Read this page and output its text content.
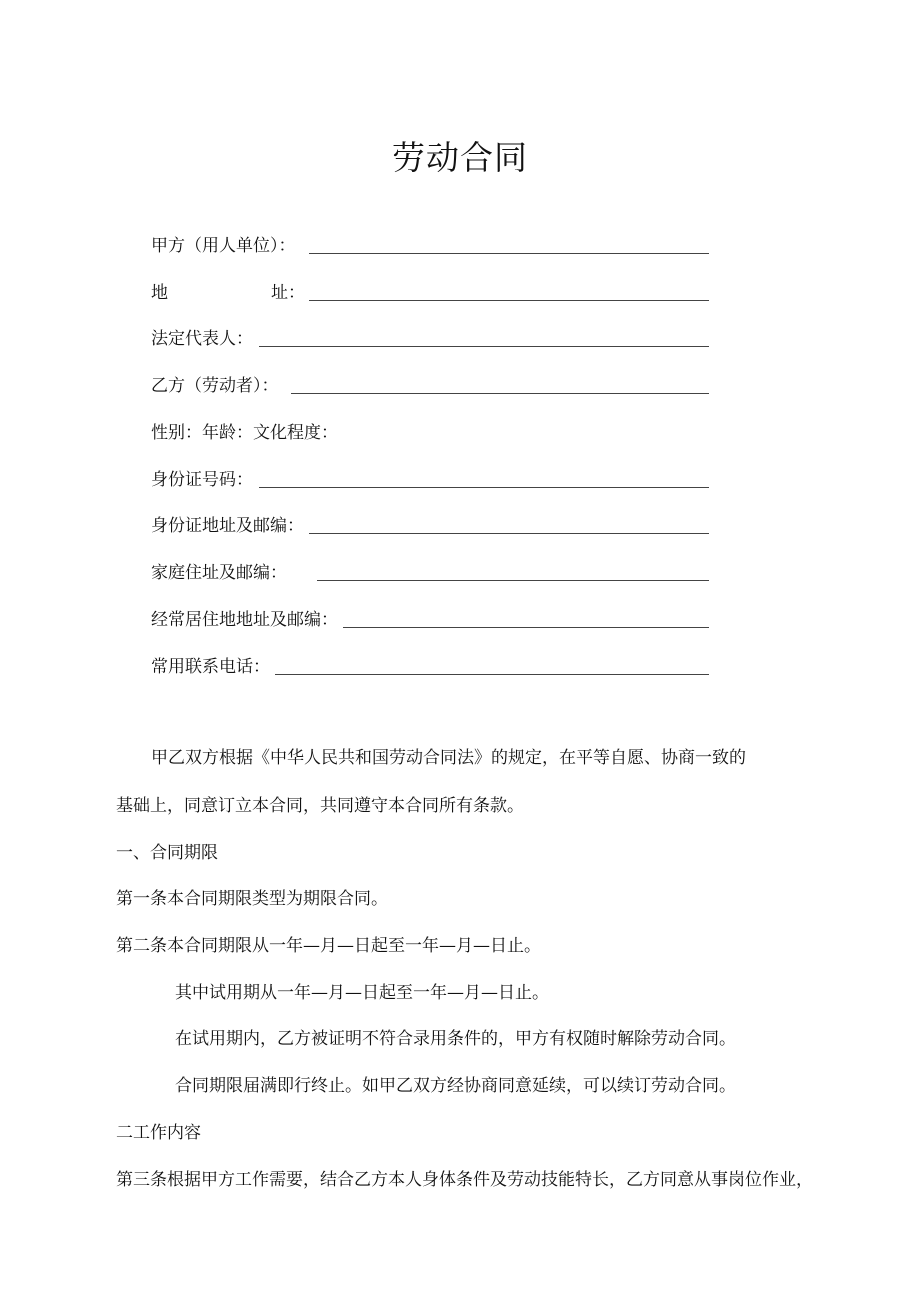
劳动合同
甲方（用人单位）：
地	址：
法定代表人：
乙方（劳动者）：
性别：年龄：文化程度：
身份证号码：
身份证地址及邮编：
家庭住址及邮编：
经常居住地地址及邮编：
常用联系电话：
甲乙双方根据《中华人民共和国劳动合同法》的规定，在平等自愿、协商一致的
基础上，同意订立本合同，共同遵守本合同所有条款。
一、合同期限
第一条本合同期限类型为期限合同。
第二条本合同期限从一年—月—日起至一年—月—日止。
其中试用期从一年—月—日起至一年—月—日止。
在试用期内，乙方被证明不符合录用条件的，甲方有权随时解除劳动合同。
合同期限届满即行终止。如甲乙双方经协商同意延续，可以续订劳动合同。
二工作内容
第三条根据甲方工作需要，结合乙方本人身体条件及劳动技能特长，乙方同意从事岗位作业，
